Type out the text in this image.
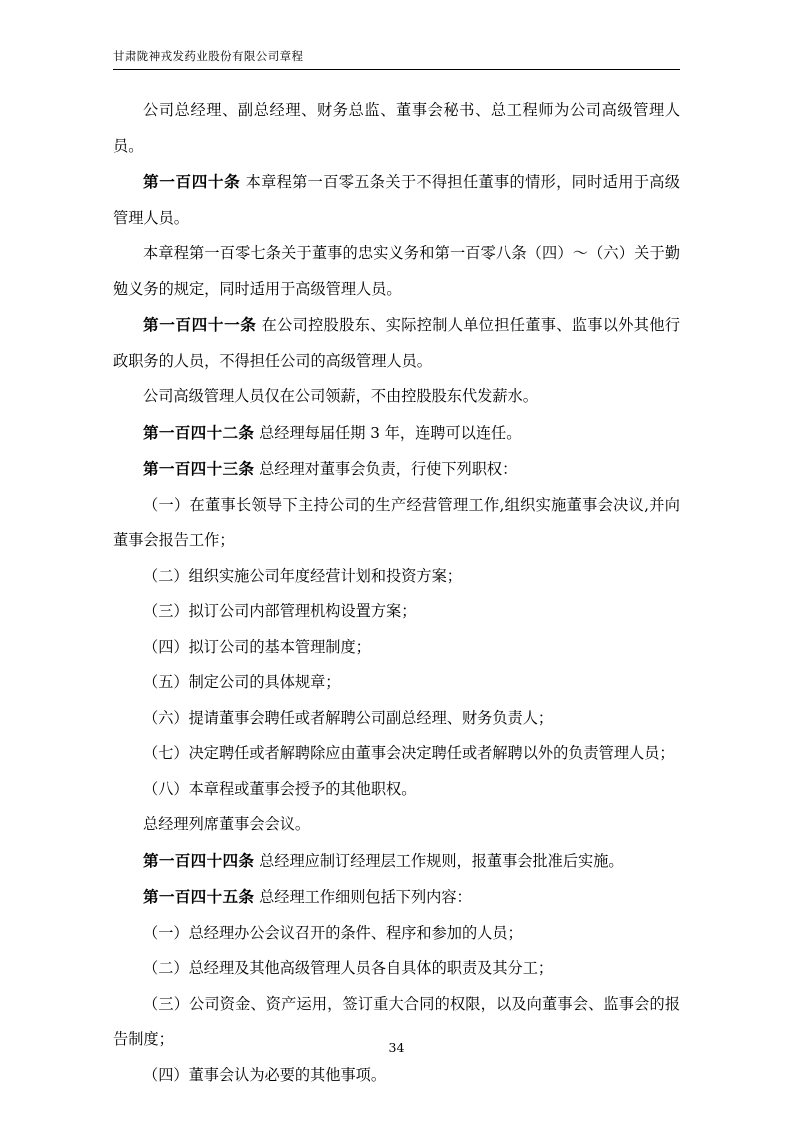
甘肃陇神戎发药业股份有限公司章程

公司总经理、副总经理、财务总监、董事会秘书、总工程师为公司高级管理人员。

第一百四十条 本章程第一百零五条关于不得担任董事的情形，同时适用于高级管理人员。

本章程第一百零七条关于董事的忠实义务和第一百零八条（四）～（六）关于勤勉义务的规定，同时适用于高级管理人员。

第一百四十一条 在公司控股股东、实际控制人单位担任董事、监事以外其他行政职务的人员，不得担任公司的高级管理人员。

公司高级管理人员仅在公司领薪，不由控股股东代发薪水。

第一百四十二条 总经理每届任期 3 年，连聘可以连任。

第一百四十三条 总经理对董事会负责，行使下列职权：

（一）在董事长领导下主持公司的生产经营管理工作,组织实施董事会决议,并向董事会报告工作；

（二）组织实施公司年度经营计划和投资方案；

（三）拟订公司内部管理机构设置方案；

（四）拟订公司的基本管理制度；

（五）制定公司的具体规章；

（六）提请董事会聘任或者解聘公司副总经理、财务负责人；

（七）决定聘任或者解聘除应由董事会决定聘任或者解聘以外的负责管理人员；

（八）本章程或董事会授予的其他职权。

总经理列席董事会会议。

第一百四十四条 总经理应制订经理层工作规则，报董事会批准后实施。

第一百四十五条 总经理工作细则包括下列内容：

（一）总经理办公会议召开的条件、程序和参加的人员；

（二）总经理及其他高级管理人员各自具体的职责及其分工；

（三）公司资金、资产运用，签订重大合同的权限，以及向董事会、监事会的报告制度；

（四）董事会认为必要的其他事项。

34
